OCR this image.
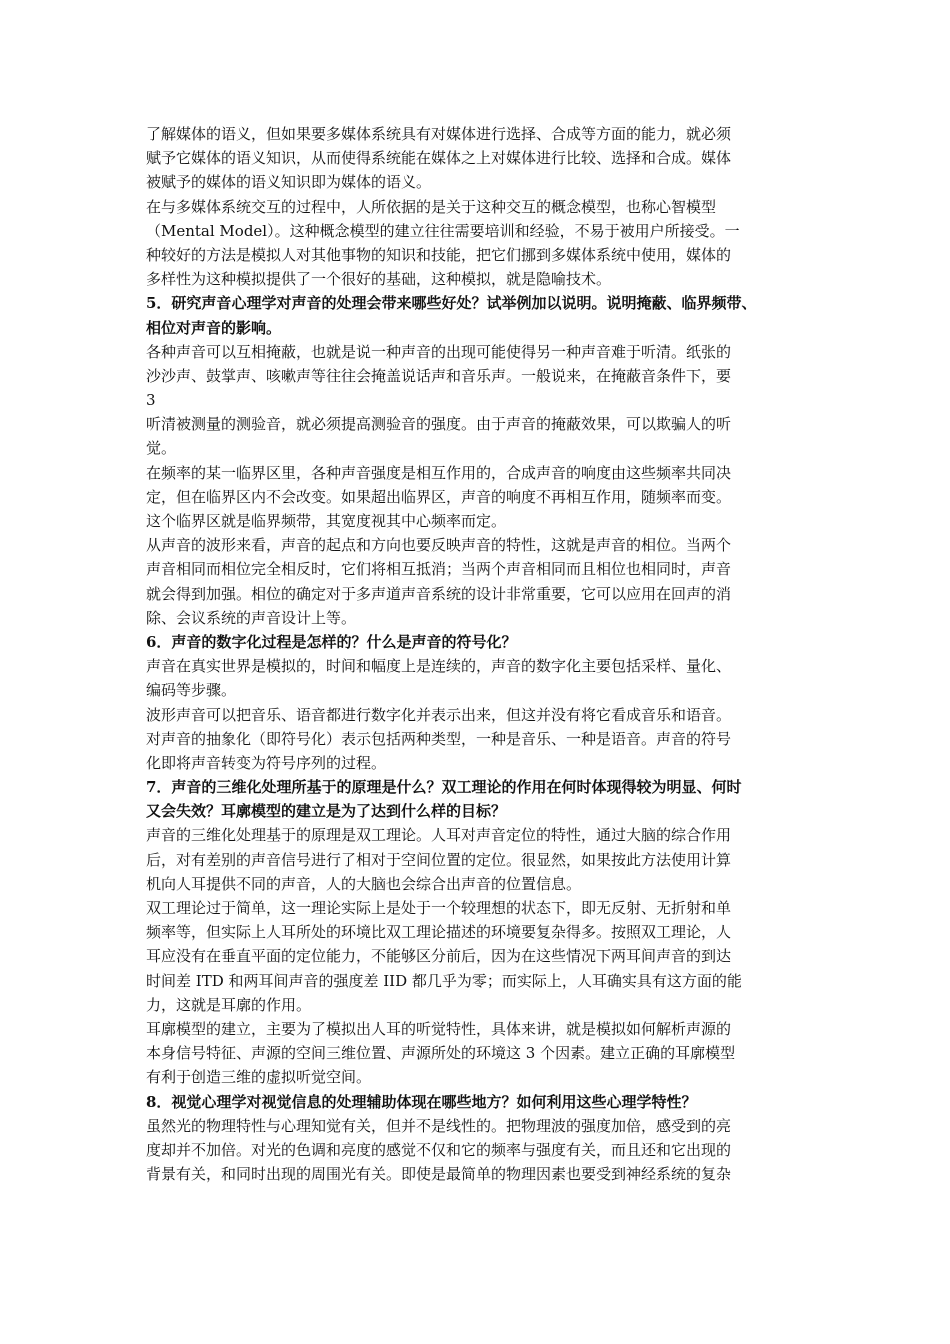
了解媒体的语义，但如果要多媒体系统具有对媒体进行选择、合成等方面的能力，就必须
赋予它媒体的语义知识，从而使得系统能在媒体之上对媒体进行比较、选择和合成。媒体
被赋予的媒体的语义知识即为媒体的语义。
在与多媒体系统交互的过程中，人所依据的是关于这种交互的概念模型，也称心智模型
（Mental Model）。这种概念模型的建立往往需要培训和经验，不易于被用户所接受。一
种较好的方法是模拟人对其他事物的知识和技能，把它们挪到多媒体系统中使用，媒体的
多样性为这种模拟提供了一个很好的基础，这种模拟，就是隐喻技术。
5．研究声音心理学对声音的处理会带来哪些好处？试举例加以说明。说明掩蔽、临界频带、
相位对声音的影响。
各种声音可以互相掩蔽，也就是说一种声音的出现可能使得另一种声音难于听清。纸张的
沙沙声、鼓掌声、咳嗽声等往往会掩盖说话声和音乐声。一般说来，在掩蔽音条件下，要
3
听清被测量的测验音，就必须提高测验音的强度。由于声音的掩蔽效果，可以欺骗人的听
觉。
在频率的某一临界区里，各种声音强度是相互作用的，合成声音的响度由这些频率共同决
定，但在临界区内不会改变。如果超出临界区，声音的响度不再相互作用，随频率而变。
这个临界区就是临界频带，其宽度视其中心频率而定。
从声音的波形来看，声音的起点和方向也要反映声音的特性，这就是声音的相位。当两个
声音相同而相位完全相反时，它们将相互抵消；当两个声音相同而且相位也相同时，声音
就会得到加强。相位的确定对于多声道声音系统的设计非常重要，它可以应用在回声的消
除、会议系统的声音设计上等。
6．声音的数字化过程是怎样的？什么是声音的符号化？
声音在真实世界是模拟的，时间和幅度上是连续的，声音的数字化主要包括采样、量化、
编码等步骤。
波形声音可以把音乐、语音都进行数字化并表示出来，但这并没有将它看成音乐和语音。
对声音的抽象化（即符号化）表示包括两种类型，一种是音乐、一种是语音。声音的符号
化即将声音转变为符号序列的过程。
7．声音的三维化处理所基于的原理是什么？双工理论的作用在何时体现得较为明显、何时
又会失效？耳廓模型的建立是为了达到什么样的目标？
声音的三维化处理基于的原理是双工理论。人耳对声音定位的特性，通过大脑的综合作用
后，对有差别的声音信号进行了相对于空间位置的定位。很显然，如果按此方法使用计算
机向人耳提供不同的声音，人的大脑也会综合出声音的位置信息。
双工理论过于简单，这一理论实际上是处于一个较理想的状态下，即无反射、无折射和单
频率等，但实际上人耳所处的环境比双工理论描述的环境要复杂得多。按照双工理论，人
耳应没有在垂直平面的定位能力，不能够区分前后，因为在这些情况下两耳间声音的到达
时间差 ITD 和两耳间声音的强度差 IID 都几乎为零；而实际上，人耳确实具有这方面的能
力，这就是耳廓的作用。
耳廓模型的建立，主要为了模拟出人耳的听觉特性，具体来讲，就是模拟如何解析声源的
本身信号特征、声源的空间三维位置、声源所处的环境这 3 个因素。建立正确的耳廓模型
有利于创造三维的虚拟听觉空间。
8．视觉心理学对视觉信息的处理辅助体现在哪些地方？如何利用这些心理学特性？
虽然光的物理特性与心理知觉有关，但并不是线性的。把物理波的强度加倍，感受到的亮
度却并不加倍。对光的色调和亮度的感觉不仅和它的频率与强度有关，而且还和它出现的
背景有关，和同时出现的周围光有关。即使是最简单的物理因素也要受到神经系统的复杂
